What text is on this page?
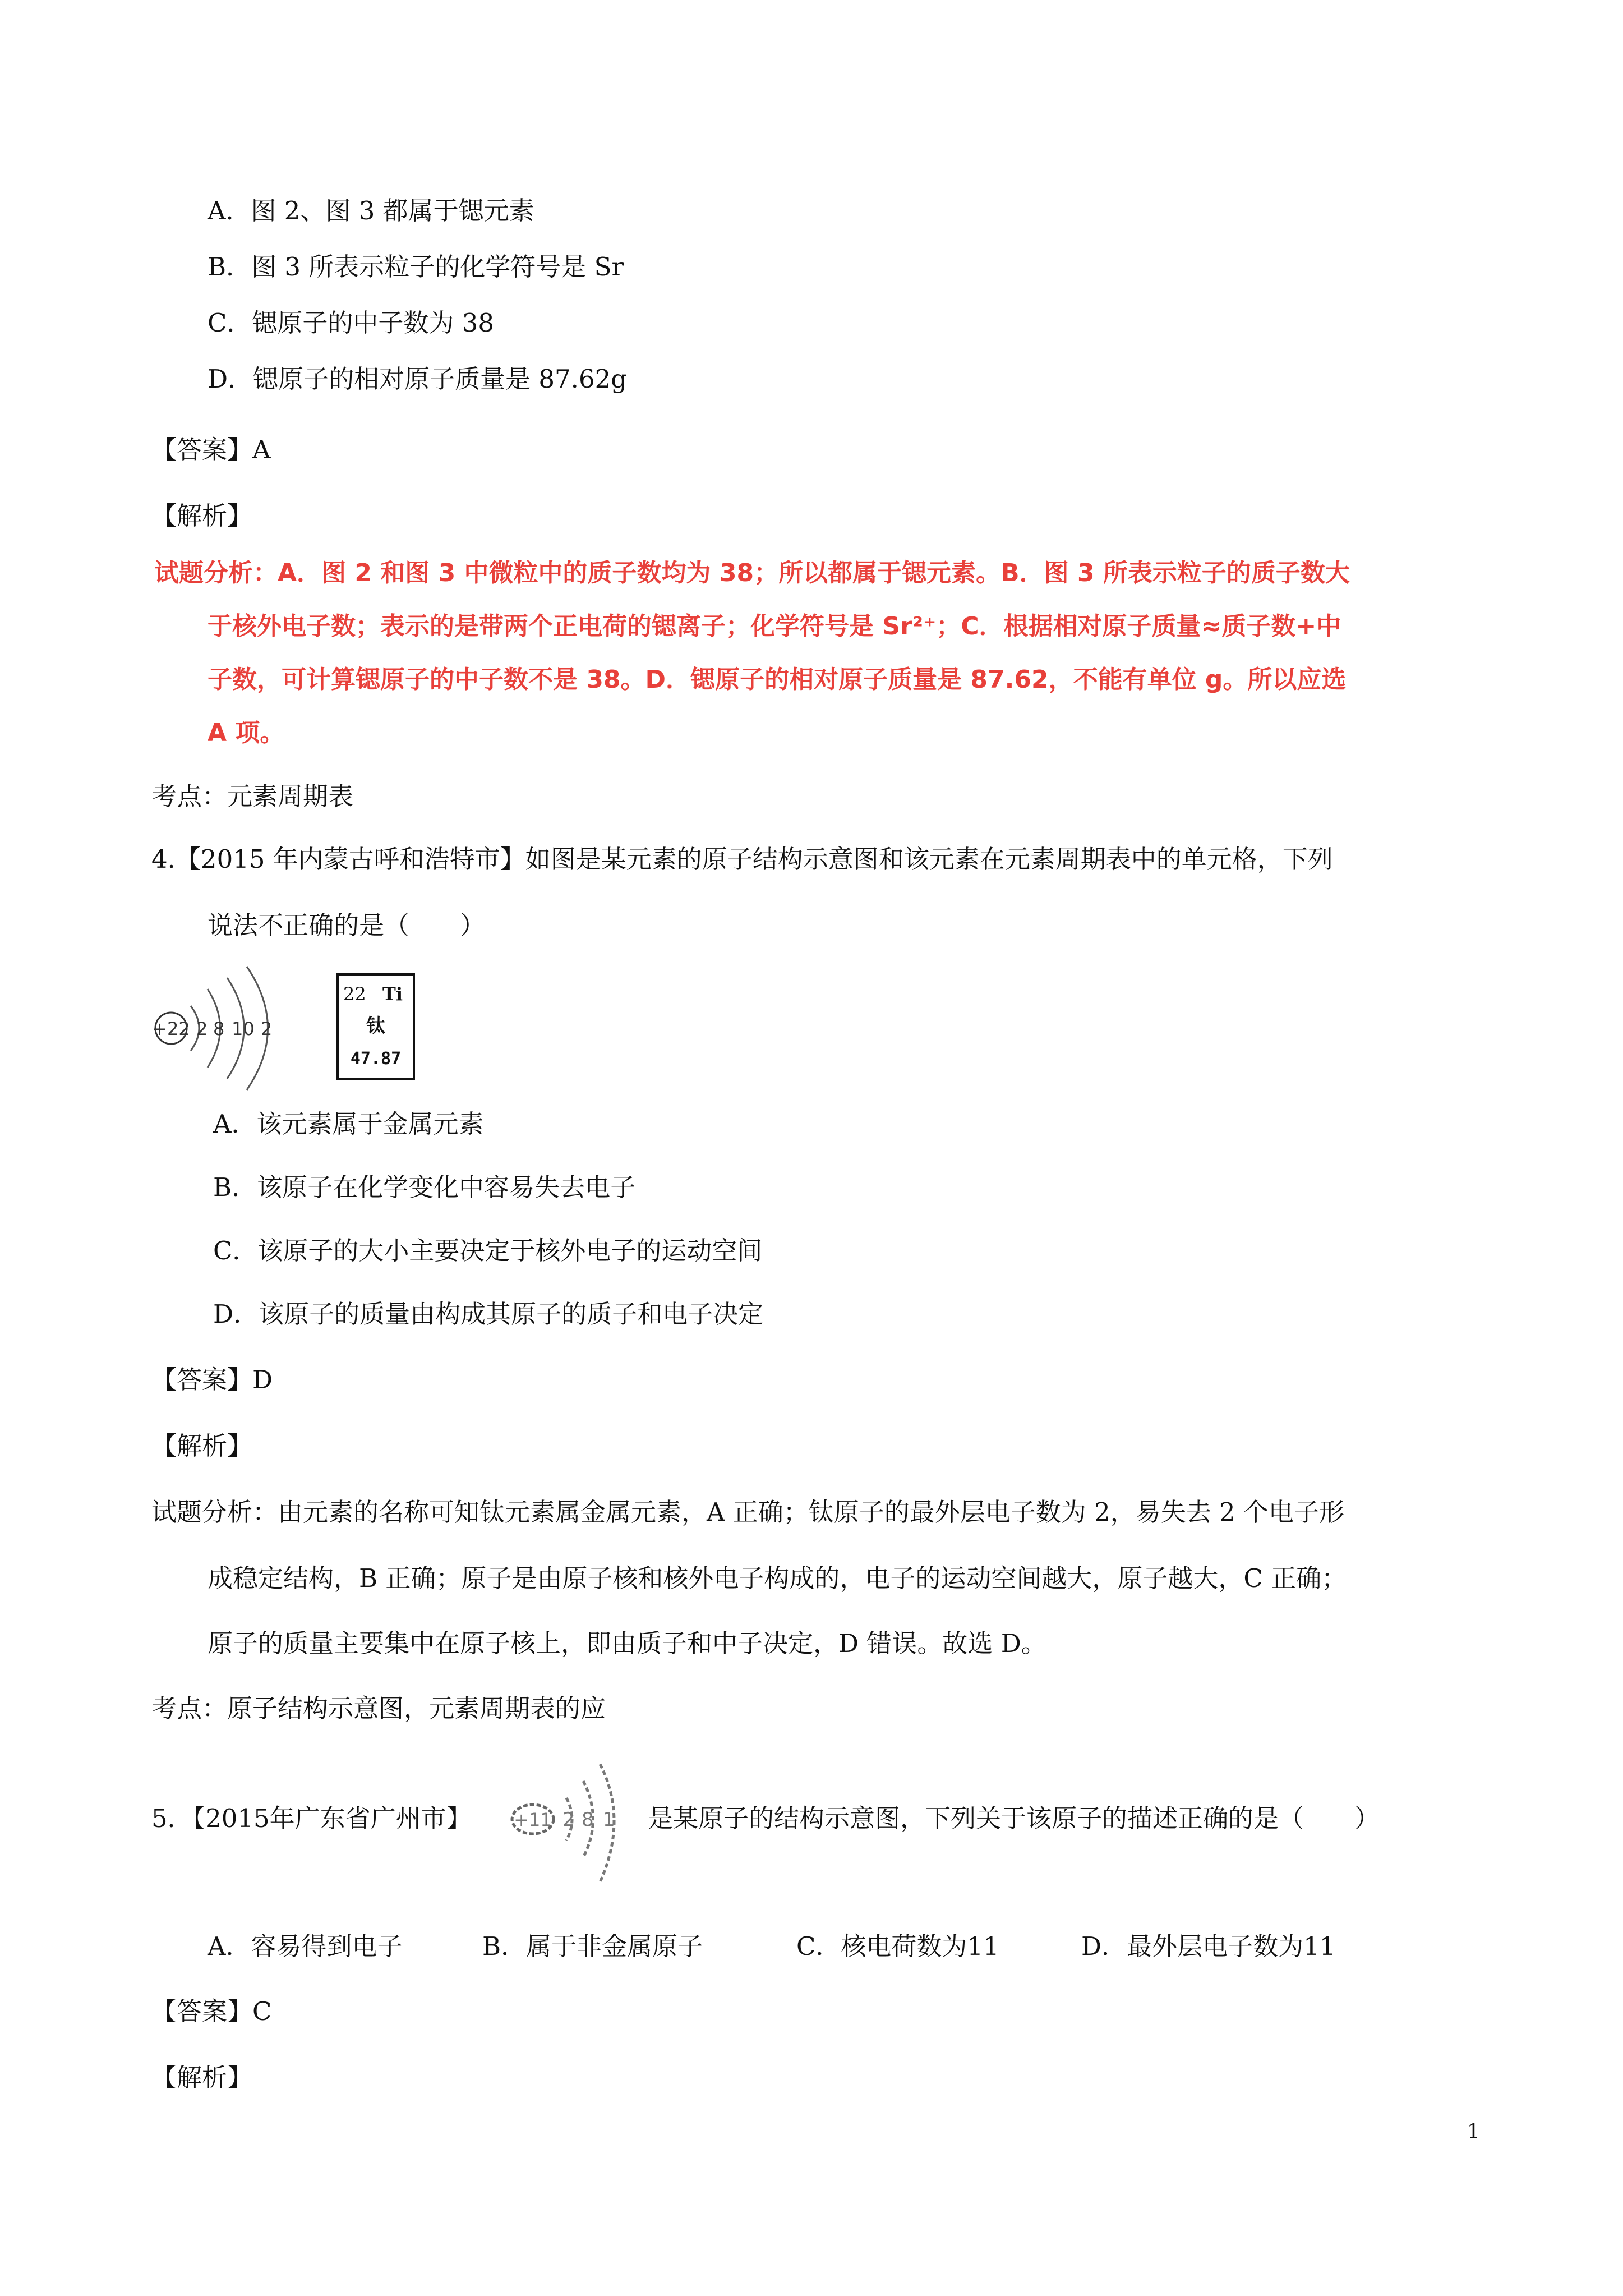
A．图 2、图 3 都属于锶元素
B．图 3 所表示粒子的化学符号是 Sr
C．锶原子的中子数为 38
D．锶原子的相对原子质量是 87.62g
【答案】A
【解析】
试题分析：A．图 2 和图 3 中微粒中的质子数均为 38；所以都属于锶元素。B．图 3 所表示粒子的质子数大
于核外电子数；表示的是带两个正电荷的锶离子；化学符号是 Sr²⁺；C．根据相对原子质量≈质子数+中
子数，可计算锶原子的中子数不是 38。D．锶原子的相对原子质量是 87.62，不能有单位 g。所以应选
A 项。
考点：元素周期表
4.【2015 年内蒙古呼和浩特市】如图是某元素的原子结构示意图和该元素在元素周期表中的单元格，下列
说法不正确的是（　　）
+22 2 8 10 2
22 Ti
钛
47.87
A．该元素属于金属元素
B．该原子在化学变化中容易失去电子
C．该原子的大小主要决定于核外电子的运动空间
D．该原子的质量由构成其原子的质子和电子决定
【答案】D
【解析】
试题分析：由元素的名称可知钛元素属金属元素，A 正确；钛原子的最外层电子数为 2，易失去 2 个电子形
成稳定结构，B 正确；原子是由原子核和核外电子构成的，电子的运动空间越大，原子越大，C 正确；
原子的质量主要集中在原子核上，即由质子和中子决定，D 错误。故选 D。
考点：原子结构示意图，元素周期表的应
5．【2015年广东省广州市】 +11 2 8 1 是某原子的结构示意图，下列关于该原子的描述正确的是（　　）
A．容易得到电子	B．属于非金属原子	C．核电荷数为11	D．最外层电子数为11
【答案】C
【解析】
1
